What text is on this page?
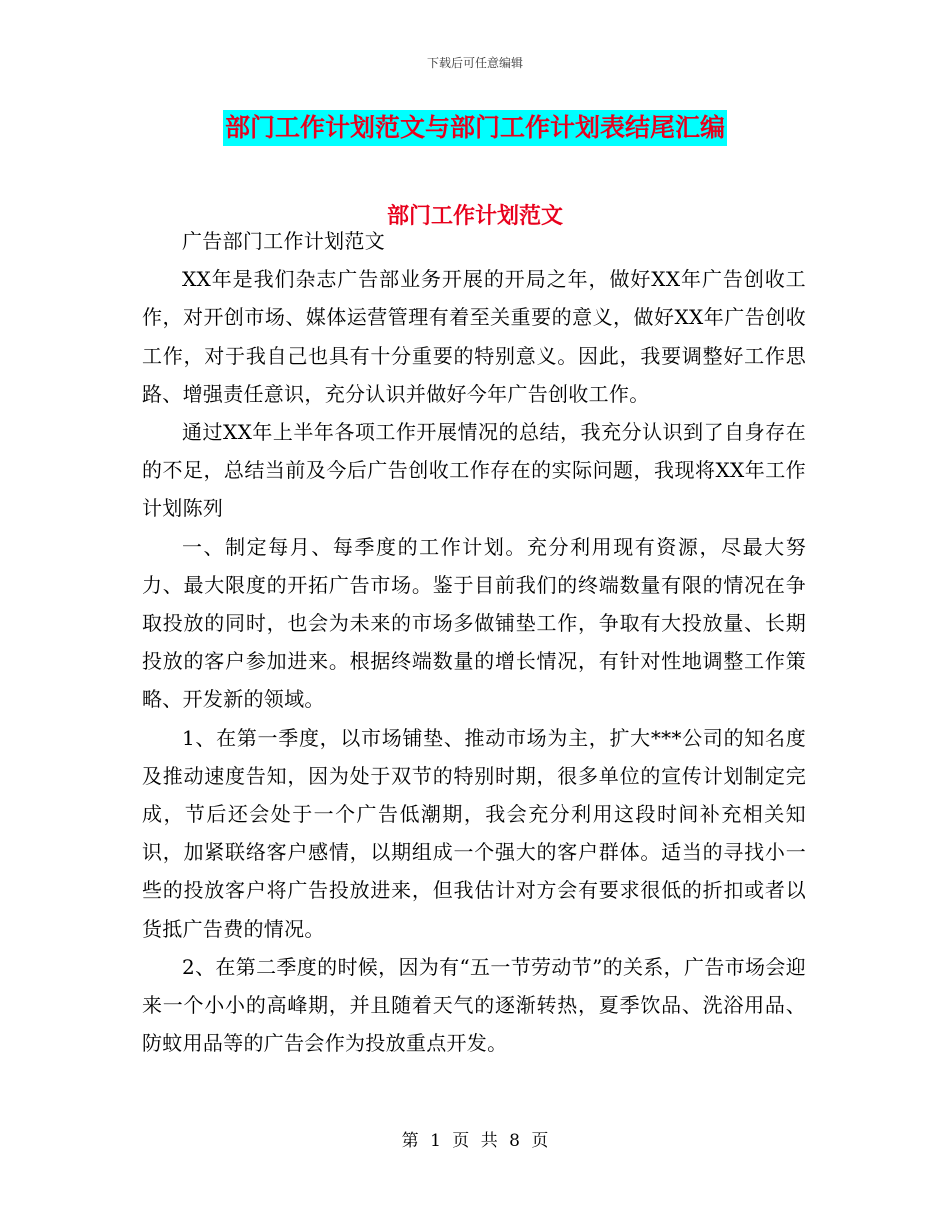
下载后可任意编辑
部门工作计划范文与部门工作计划表结尾汇编
部门工作计划范文

广告部门工作计划范文

XX年是我们杂志广告部业务开展的开局之年，做好XX年广告创收工作，对开创市场、媒体运营管理有着至关重要的意义，做好XX年广告创收工作，对于我自己也具有十分重要的特别意义。因此，我要调整好工作思路、增强责任意识，充分认识并做好今年广告创收工作。

通过XX年上半年各项工作开展情况的总结，我充分认识到了自身存在的不足，总结当前及今后广告创收工作存在的实际问题，我现将XX年工作计划陈列

一、制定每月、每季度的工作计划。充分利用现有资源，尽最大努力、最大限度的开拓广告市场。鉴于目前我们的终端数量有限的情况在争取投放的同时，也会为未来的市场多做铺垫工作，争取有大投放量、长期投放的客户参加进来。根据终端数量的增长情况，有针对性地调整工作策略、开发新的领域。

1、在第一季度，以市场铺垫、推动市场为主，扩大***公司的知名度及推动速度告知，因为处于双节的特别时期，很多单位的宣传计划制定完成，节后还会处于一个广告低潮期，我会充分利用这段时间补充相关知识，加紧联络客户感情，以期组成一个强大的客户群体。适当的寻找小一些的投放客户将广告投放进来，但我估计对方会有要求很低的折扣或者以货抵广告费的情况。

2、在第二季度的时候，因为有“五一节劳动节”的关系，广告市场会迎来一个小小的高峰期，并且随着天气的逐渐转热，夏季饮品、洗浴用品、防蚊用品等的广告会作为投放重点开发。

第 1 页 共 8 页
